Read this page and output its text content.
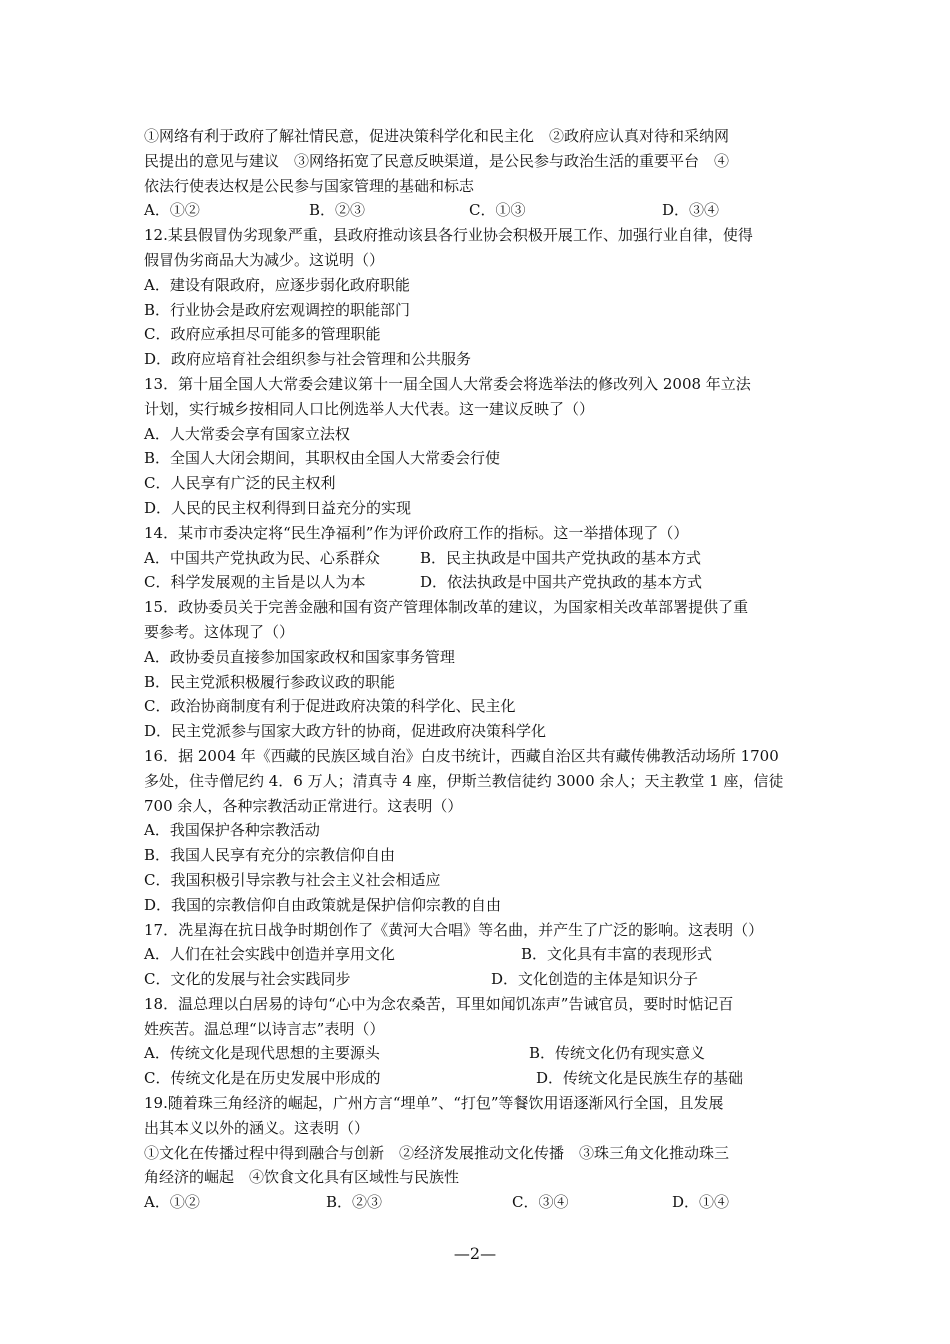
①网络有利于政府了解社情民意，促进决策科学化和民主化　②政府应认真对待和采纳网
民提出的意见与建议　③网络拓宽了民意反映渠道，是公民参与政治生活的重要平台　④
依法行使表达权是公民参与国家管理的基础和标志
A．①②	B．②③	C．①③	D．③④
12.某县假冒伪劣现象严重，县政府推动该县各行业协会积极开展工作、加强行业自律，使得
假冒伪劣商品大为减少。这说明（）
A．建设有限政府，应逐步弱化政府职能
B．行业协会是政府宏观调控的职能部门
C．政府应承担尽可能多的管理职能
D．政府应培育社会组织参与社会管理和公共服务
13．第十届全国人大常委会建议第十一届全国人大常委会将选举法的修改列入 2008 年立法
计划，实行城乡按相同人口比例选举人大代表。这一建议反映了（）
A．人大常委会享有国家立法权
B．全国人大闭会期间，其职权由全国人大常委会行使
C．人民享有广泛的民主权利
D．人民的民主权利得到日益充分的实现
14．某市市委决定将“民生净福利”作为评价政府工作的指标。这一举措体现了（）
A．中国共产党执政为民、心系群众	B．民主执政是中国共产党执政的基本方式
C．科学发展观的主旨是以人为本	D．依法执政是中国共产党执政的基本方式
15．政协委员关于完善金融和国有资产管理体制改革的建议，为国家相关改革部署提供了重
要参考。这体现了（）
A．政协委员直接参加国家政权和国家事务管理
B．民主党派积极履行参政议政的职能
C．政治协商制度有利于促进政府决策的科学化、民主化
D．民主党派参与国家大政方针的协商，促进政府决策科学化
16．据 2004 年《西藏的民族区域自治》白皮书统计，西藏自治区共有藏传佛教活动场所 1700
多处，住寺僧尼约 4．6 万人；清真寺 4 座，伊斯兰教信徒约 3000 余人；天主教堂 1 座，信徒
700 余人，各种宗教活动正常进行。这表明（）
A．我国保护各种宗教活动
B．我国人民享有充分的宗教信仰自由
C．我国积极引导宗教与社会主义社会相适应
D．我国的宗教信仰自由政策就是保护信仰宗教的自由
17．冼星海在抗日战争时期创作了《黄河大合唱》等名曲，并产生了广泛的影响。这表明（）
A．人们在社会实践中创造并享用文化	B．文化具有丰富的表现形式
C．文化的发展与社会实践同步	D．文化创造的主体是知识分子
18．温总理以白居易的诗句“心中为念农桑苦，耳里如闻饥冻声”告诫官员，要时时惦记百
姓疾苦。温总理“以诗言志”表明（）
A．传统文化是现代思想的主要源头	B．传统文化仍有现实意义
C．传统文化是在历史发展中形成的	D．传统文化是民族生存的基础
19.随着珠三角经济的崛起，广州方言“埋单”、“打包”等餐饮用语逐渐风行全国，且发展
出其本义以外的涵义。这表明（）
①文化在传播过程中得到融合与创新　②经济发展推动文化传播　③珠三角文化推动珠三
角经济的崛起　④饮食文化具有区域性与民族性
A．①②	B．②③	C．③④	D．①④
—2—
